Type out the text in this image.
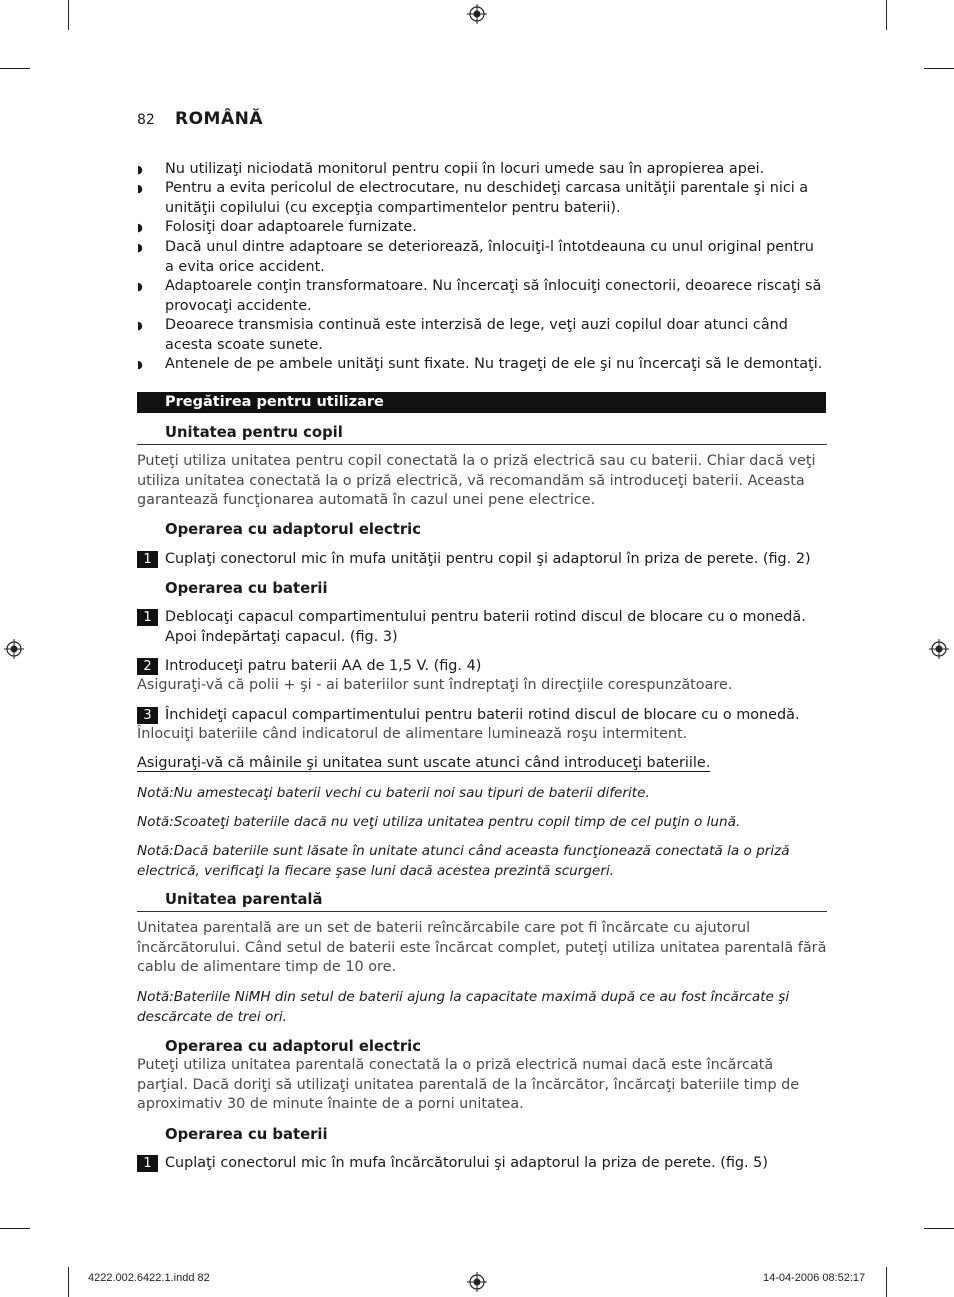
82 ROMÂNĂ
◗ Nu utilizaţi niciodată monitorul pentru copii în locuri umede sau în apropierea apei.
◗ Pentru a evita pericolul de electrocutare, nu deschideţi carcasa unităţii parentale şi nici a unităţii copilului (cu excepţia compartimentelor pentru baterii).
◗ Folosiţi doar adaptoarele furnizate.
◗ Dacă unul dintre adaptoare se deteriorează, înlocuiţi-l întotdeauna cu unul original pentru a evita orice accident.
◗ Adaptoarele conţin transformatoare. Nu încercaţi să înlocuiţi conectorii, deoarece riscaţi să provocaţi accidente.
◗ Deoarece transmisia continuă este interzisă de lege, veţi auzi copilul doar atunci când acesta scoate sunete.
◗ Antenele de pe ambele unităţi sunt fixate. Nu trageţi de ele şi nu încercaţi să le demontaţi.
Pregătirea pentru utilizare
Unitatea pentru copil
Puteţi utiliza unitatea pentru copil conectată la o priză electrică sau cu baterii. Chiar dacă veţi utiliza unitatea conectată la o priză electrică, vă recomandăm să introduceţi baterii. Aceasta garantează funcţionarea automată în cazul unei pene electrice.
Operarea cu adaptorul electric
1 Cuplaţi conectorul mic în mufa unităţii pentru copil şi adaptorul în priza de perete. (fig. 2)
Operarea cu baterii
1 Deblocaţi capacul compartimentului pentru baterii rotind discul de blocare cu o monedă. Apoi îndepărtaţi capacul. (fig. 3)
2 Introduceţi patru baterii AA de 1,5 V. (fig. 4)
Asiguraţi-vă că polii + şi - ai bateriilor sunt îndreptaţi în direcţiile corespunzătoare.
3 Închideţi capacul compartimentului pentru baterii rotind discul de blocare cu o monedă.
Înlocuiţi bateriile când indicatorul de alimentare luminează roşu intermitent.
Asiguraţi-vă că mâinile şi unitatea sunt uscate atunci când introduceţi bateriile.
Notă:Nu amestecaţi baterii vechi cu baterii noi sau tipuri de baterii diferite.
Notă:Scoateţi bateriile dacă nu veţi utiliza unitatea pentru copil timp de cel puţin o lună.
Notă:Dacă bateriile sunt lăsate în unitate atunci când aceasta funcţionează conectată la o priză electrică, verificaţi la fiecare şase luni dacă acestea prezintă scurgeri.
Unitatea parentală
Unitatea parentală are un set de baterii reîncărcabile care pot fi încărcate cu ajutorul încărcătorului. Când setul de baterii este încărcat complet, puteţi utiliza unitatea parentală fără cablu de alimentare timp de 10 ore.
Notă:Bateriile NiMH din setul de baterii ajung la capacitate maximă după ce au fost încărcate şi descărcate de trei ori.
Operarea cu adaptorul electric
Puteţi utiliza unitatea parentală conectată la o priză electrică numai dacă este încărcată parţial. Dacă doriţi să utilizaţi unitatea parentală de la încărcător, încărcaţi bateriile timp de aproximativ 30 de minute înainte de a porni unitatea.
Operarea cu baterii
1 Cuplaţi conectorul mic în mufa încărcătorului şi adaptorul la priza de perete. (fig. 5)
4222.002.6422.1.indd 82	14-04-2006 08:52:17
